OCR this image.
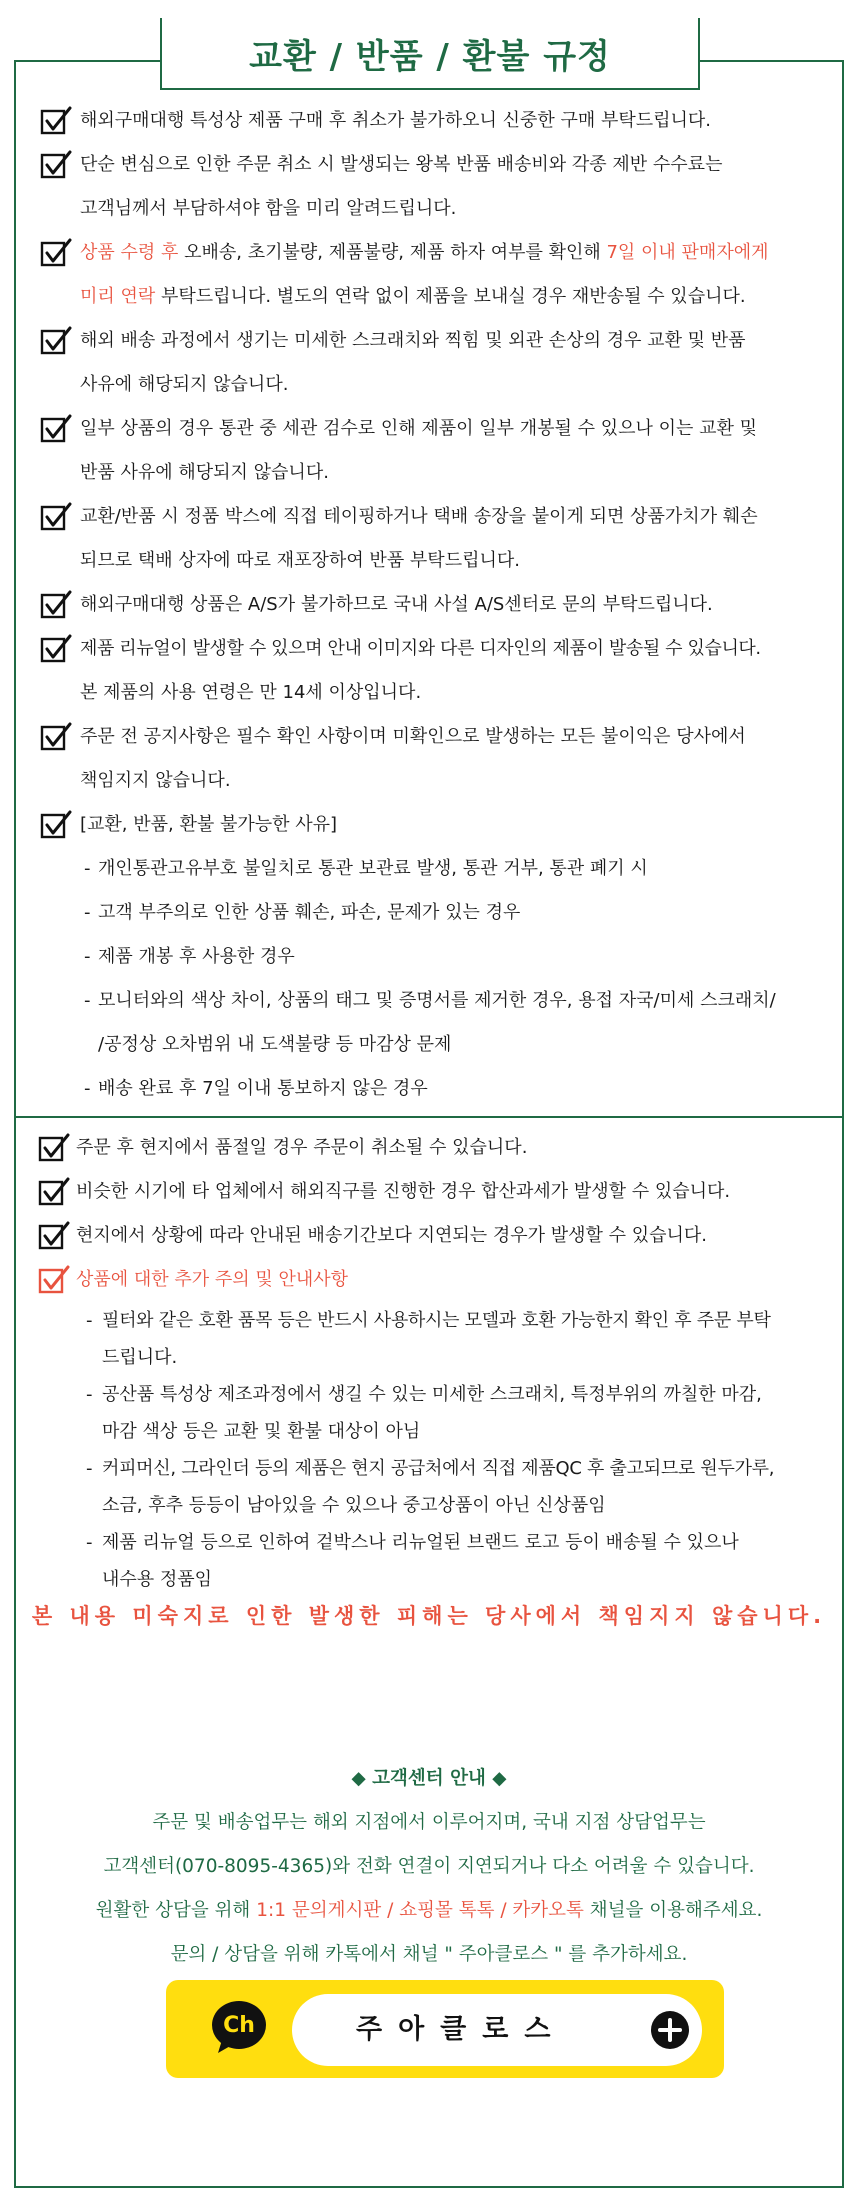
교환 / 반품 / 환불 규정
해외구매대행 특성상 제품 구매 후 취소가 불가하오니 신중한 구매 부탁드립니다.
단순 변심으로 인한 주문 취소 시 발생되는 왕복 반품 배송비와 각종 제반 수수료는
고객님께서 부담하셔야 함을 미리 알려드립니다.
상품 수령 후 오배송, 초기불량, 제품불량, 제품 하자 여부를 확인해 7일 이내 판매자에게
미리 연락 부탁드립니다. 별도의 연락 없이 제품을 보내실 경우 재반송될 수 있습니다.
해외 배송 과정에서 생기는 미세한 스크래치와 찍힘 및 외관 손상의 경우 교환 및 반품
사유에 해당되지 않습니다.
일부 상품의 경우 통관 중 세관 검수로 인해 제품이 일부 개봉될 수 있으나 이는 교환 및
반품 사유에 해당되지 않습니다.
교환/반품 시 정품 박스에 직접 테이핑하거나 택배 송장을 붙이게 되면 상품가치가 훼손
되므로 택배 상자에 따로 재포장하여 반품 부탁드립니다.
해외구매대행 상품은 A/S가 불가하므로 국내 사설 A/S센터로 문의 부탁드립니다.
제품 리뉴얼이 발생할 수 있으며 안내 이미지와 다른 디자인의 제품이 발송될 수 있습니다.
본 제품의 사용 연령은 만 14세 이상입니다.
주문 전 공지사항은 필수 확인 사항이며 미확인으로 발생하는 모든 불이익은 당사에서
책임지지 않습니다.
[교환, 반품, 환불 불가능한 사유]
- 개인통관고유부호 불일치로 통관 보관료 발생, 통관 거부, 통관 폐기 시
- 고객 부주의로 인한 상품 훼손, 파손, 문제가 있는 경우
- 제품 개봉 후 사용한 경우
- 모니터와의 색상 차이, 상품의 태그 및 증명서를 제거한 경우, 용접 자국/미세 스크래치/
/공정상 오차범위 내 도색불량 등 마감상 문제
- 배송 완료 후 7일 이내 통보하지 않은 경우
주문 후 현지에서 품절일 경우 주문이 취소될 수 있습니다.
비슷한 시기에 타 업체에서 해외직구를 진행한 경우 합산과세가 발생할 수 있습니다.
현지에서 상황에 따라 안내된 배송기간보다 지연되는 경우가 발생할 수 있습니다.
상품에 대한 추가 주의 및 안내사항
- 필터와 같은 호환 품목 등은 반드시 사용하시는 모델과 호환 가능한지 확인 후 주문 부탁
드립니다.
- 공산품 특성상 제조과정에서 생길 수 있는 미세한 스크래치, 특정부위의 까칠한 마감,
마감 색상 등은 교환 및 환불 대상이 아님
- 커피머신, 그라인더 등의 제품은 현지 공급처에서 직접 제품QC 후 출고되므로 원두가루,
소금, 후추 등등이 남아있을 수 있으나 중고상품이 아닌 신상품임
- 제품 리뉴얼 등으로 인하여 겉박스나 리뉴얼된 브랜드 로고 등이 배송될 수 있으나
내수용 정품임
본 내용 미숙지로 인한 발생한 피해는 당사에서 책임지지 않습니다.

◆ 고객센터 안내 ◆

주문 및 배송업무는 해외 지점에서 이루어지며, 국내 지점 상담업무는

고객센터(070-8095-4365)와 전화 연결이 지연되거나 다소 어려울 수 있습니다.

원활한 상담을 위해 1:1 문의게시판 / 쇼핑몰 톡톡 / 카카오톡 채널을 이용해주세요.

문의 / 상담을 위해 카톡에서 채널 " 주아클로스 " 를 추가하세요.

Ch	주아클로스
